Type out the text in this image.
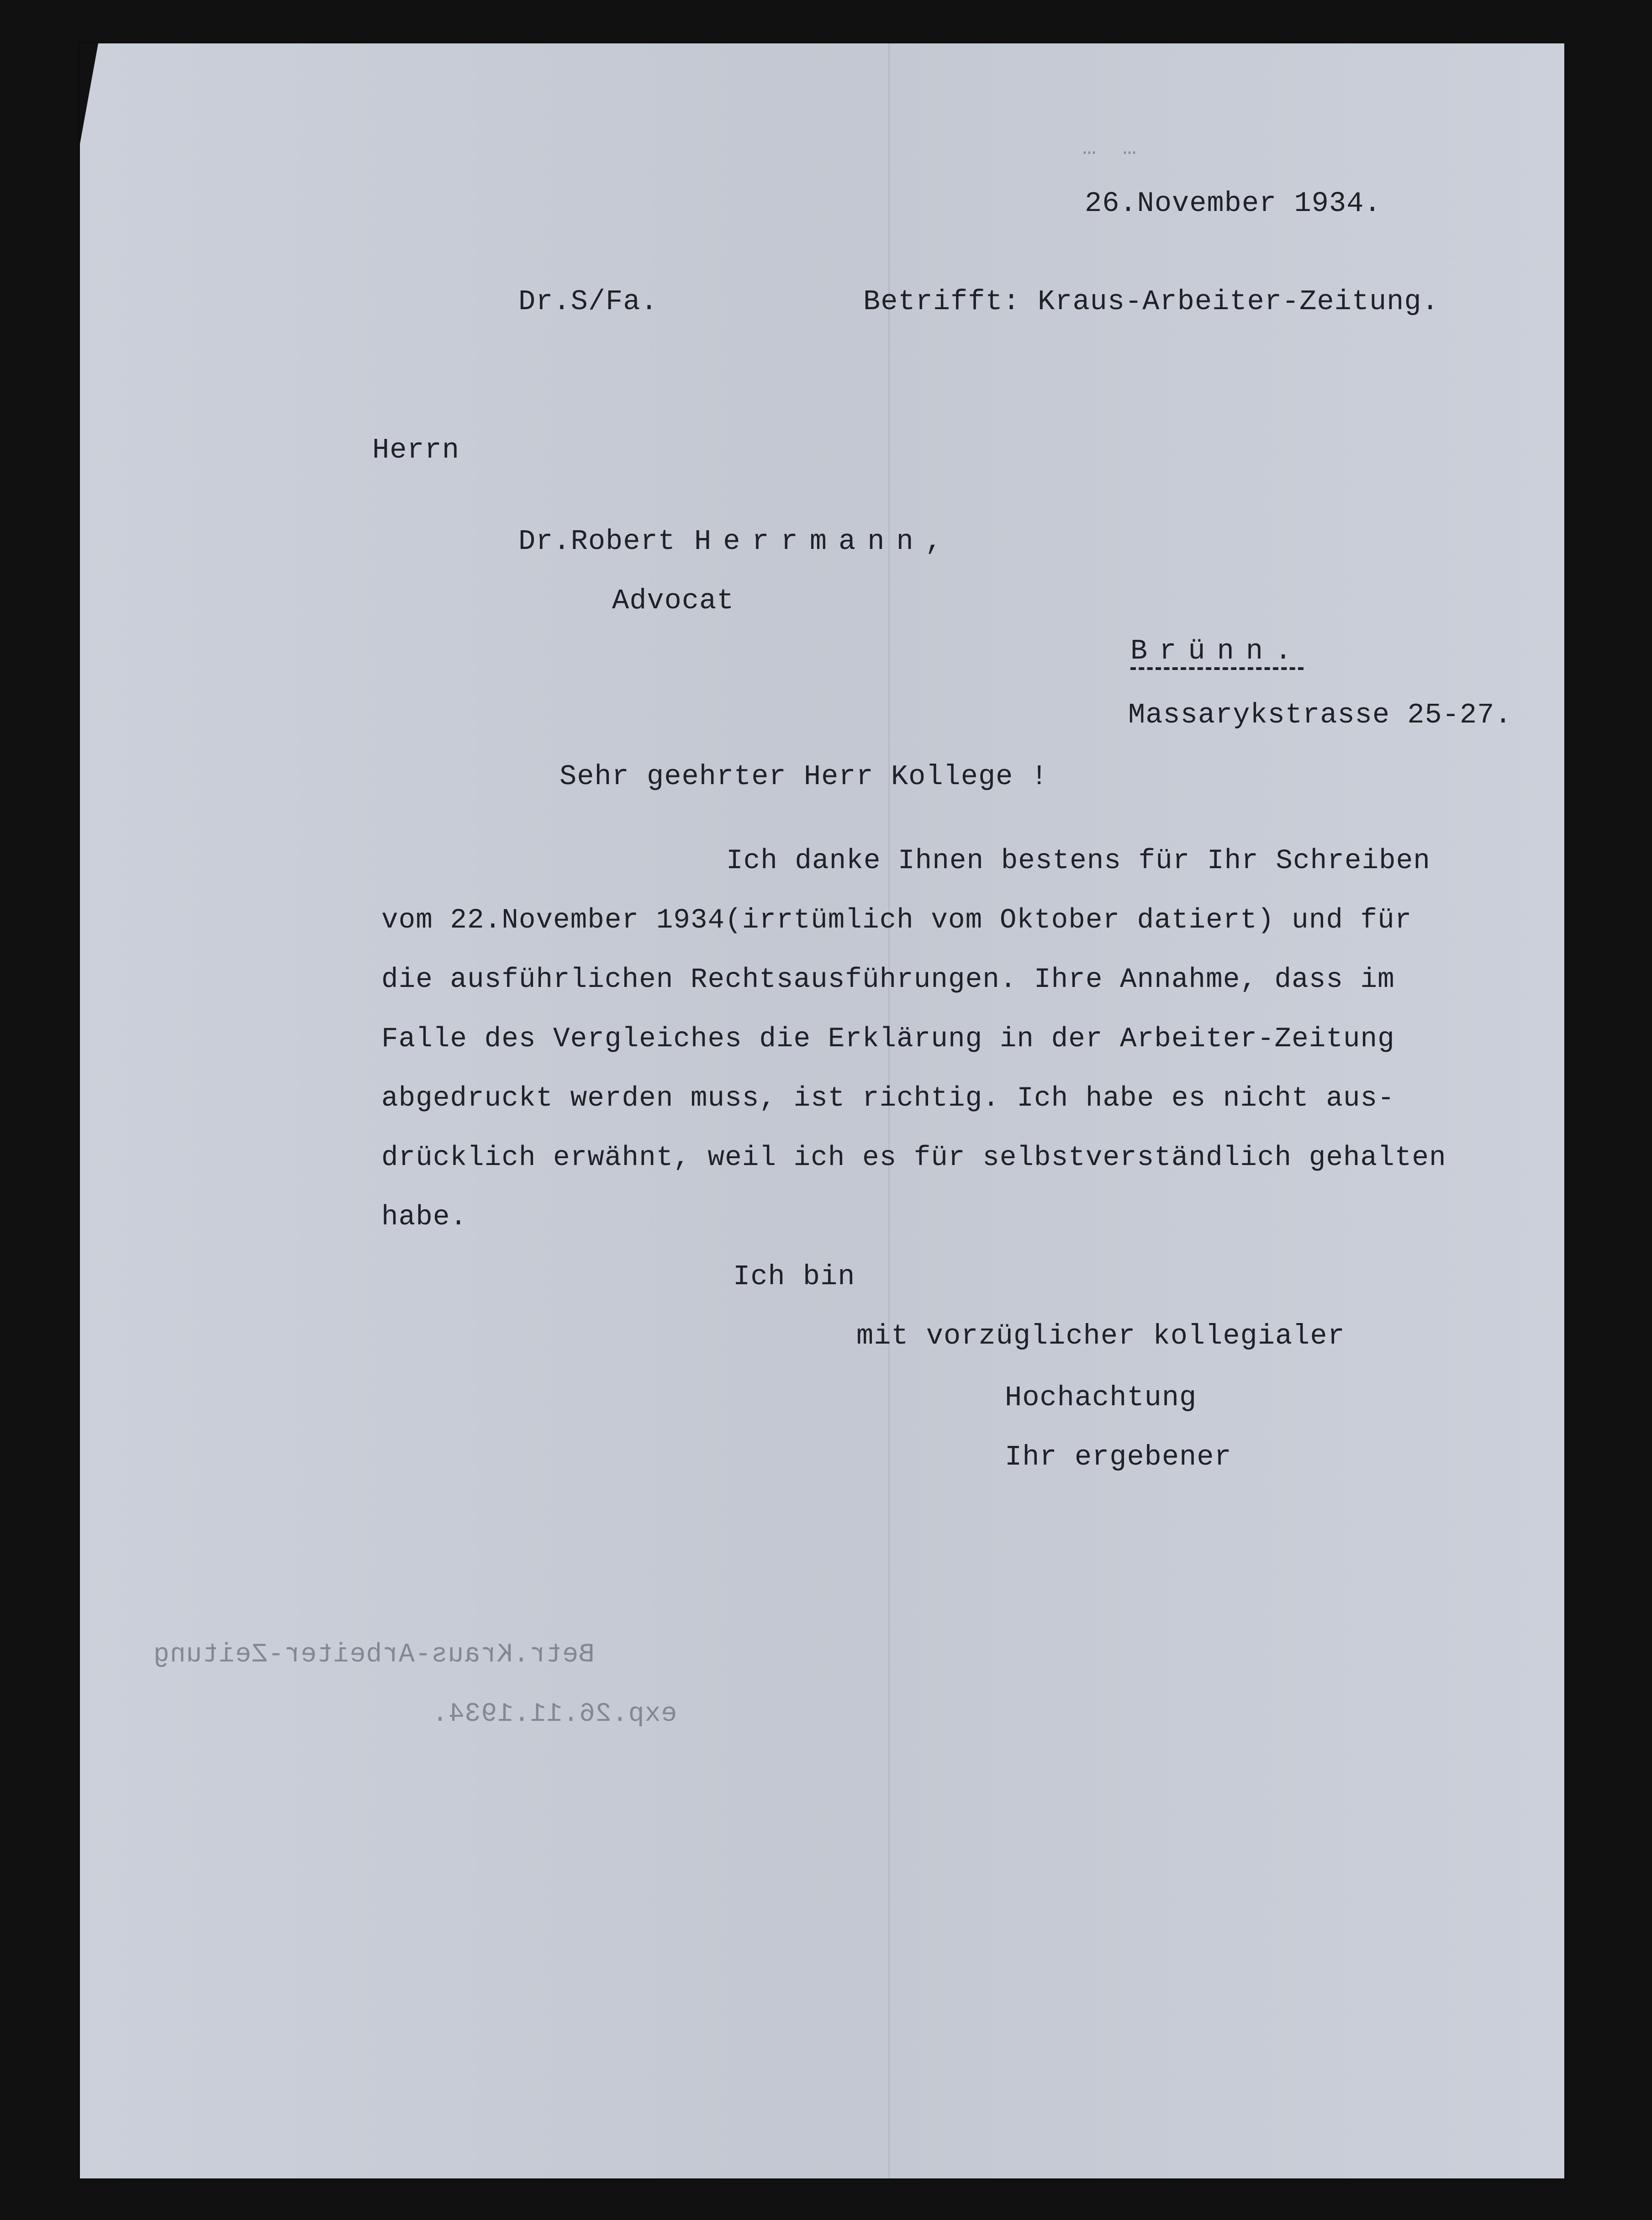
… …
26.November 1934.
Dr.S/Fa.	Betrifft: Kraus-Arbeiter-Zeitung.
Herrn
Dr.Robert Herrmann,
Advocat
Brünn.
Massarykstrasse 25-27.
Sehr geehrter Herr Kollege !
Ich danke Ihnen bestens für Ihr Schreiben
vom 22.November 1934(irrtümlich vom Oktober datiert) und für
die ausführlichen Rechtsausführungen. Ihre Annahme, dass im
Falle des Vergleiches die Erklärung in der Arbeiter-Zeitung
abgedruckt werden muss, ist richtig. Ich habe es nicht aus-
drücklich erwähnt, weil ich es für selbstverständlich gehalten
habe.
Ich bin
mit vorzüglicher kollegialer
Hochachtung
Ihr ergebener
Betr.Kraus-Arbeiter-Zeitung
exp.26.11.1934.
